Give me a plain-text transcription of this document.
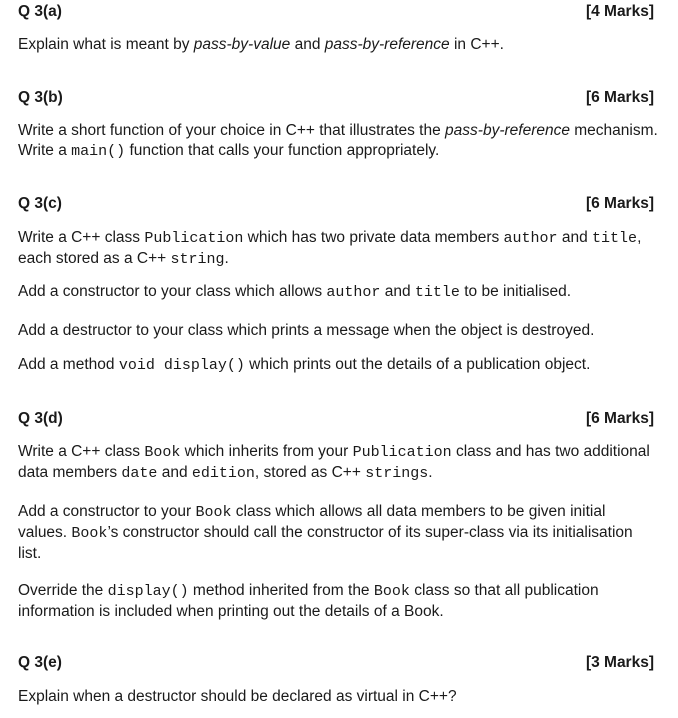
Q 3(a)	[4 Marks]

Explain what is meant by pass-by-value and pass-by-reference in C++.

Q 3(b)	[6 Marks]

Write a short function of your choice in C++ that illustrates the pass-by-reference mechanism. Write a main() function that calls your function appropriately.

Q 3(c)	[6 Marks]

Write a C++ class Publication which has two private data members author and title, each stored as a C++ string.

Add a constructor to your class which allows author and title to be initialised.

Add a destructor to your class which prints a message when the object is destroyed.

Add a method void display() which prints out the details of a publication object.

Q 3(d)	[6 Marks]

Write a C++ class Book which inherits from your Publication class and has two additional data members date and edition, stored as C++ strings.

Add a constructor to your Book class which allows all data members to be given initial values. Book’s constructor should call the constructor of its super-class via its initialisation list.

Override the display() method inherited from the Book class so that all publication information is included when printing out the details of a Book.

Q 3(e)	[3 Marks]

Explain when a destructor should be declared as virtual in C++?
